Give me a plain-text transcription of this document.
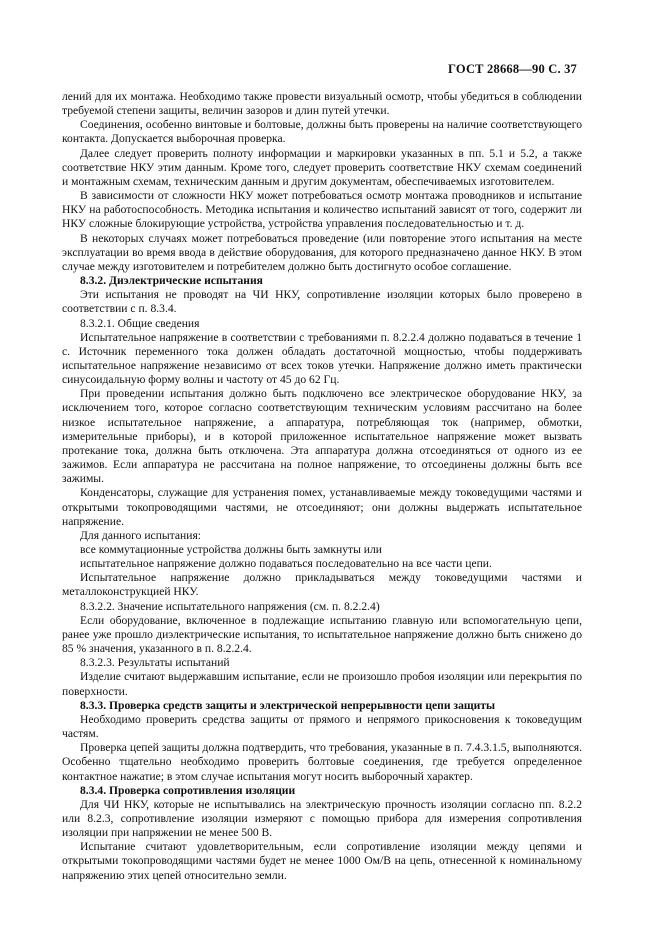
ГОСТ 28668—90 С. 37

лений для их монтажа. Необходимо также провести визуальный осмотр, чтобы убедиться в соблюдении требуемой степени защиты, величин зазоров и длин путей утечки.

Соединения, особенно винтовые и болтовые, должны быть проверены на наличие соответствующего контакта. Допускается выборочная проверка.

Далее следует проверить полноту информации и маркировки указанных в пп. 5.1 и 5.2, а также соответствие НКУ этим данным. Кроме того, следует проверить соответствие НКУ схемам соединений и монтажным схемам, техническим данным и другим документам, обеспечиваемых изготовителем.

В зависимости от сложности НКУ может потребоваться осмотр монтажа проводников и испытание НКУ на работоспособность. Методика испытания и количество испытаний зависят от того, содержит ли НКУ сложные блокирующие устройства, устройства управления последовательностью и т. д.

В некоторых случаях может потребоваться проведение (или повторение этого испытания на месте эксплуатации во время ввода в действие оборудования, для которого предназначено данное НКУ. В этом случае между изготовителем и потребителем должно быть достигнуто особое соглашение.

8.3.2. Диэлектрические испытания

Эти испытания не проводят на ЧИ НКУ, сопротивление изоляции которых было проверено в соответствии с п. 8.3.4.

8.3.2.1. Общие сведения

Испытательное напряжение в соответствии с требованиями п. 8.2.2.4 должно подаваться в течение 1 с. Источник переменного тока должен обладать достаточной мощностью, чтобы поддерживать испытательное напряжение независимо от всех токов утечки. Напряжение должно иметь практически синусоидальную форму волны и частоту от 45 до 62 Гц.

При проведении испытания должно быть подключено все электрическое оборудование НКУ, за исключением того, которое согласно соответствующим техническим условиям рассчитано на более низкое испытательное напряжение, а аппаратура, потребляющая ток (например, обмотки, измерительные приборы), и в которой приложенное испытательное напряжение может вызвать протекание тока, должна быть отключена. Эта аппаратура должна отсоединяться от одного из ее зажимов. Если аппаратура не рассчитана на полное напряжение, то отсоединены должны быть все зажимы.

Конденсаторы, служащие для устранения помех, устанавливаемые между токоведущими частями и открытыми токопроводящими частями, не отсоединяют; они должны выдержать испытательное напряжение.

Для данного испытания:

все коммутационные устройства должны быть замкнуты или

испытательное напряжение должно подаваться последовательно на все части цепи.

Испытательное напряжение должно прикладываться между токоведущими частями и металлоконструкцией НКУ.

8.3.2.2. Значение испытательного напряжения (см. п. 8.2.2.4)

Если оборудование, включенное в подлежащие испытанию главную или вспомогательную цепи, ранее уже прошло диэлектрические испытания, то испытательное напряжение должно быть снижено до 85 % значения, указанного в п. 8.2.2.4.

8.3.2.3. Результаты испытаний

Изделие считают выдержавшим испытание, если не произошло пробоя изоляции или перекрытия по поверхности.

8.3.3. Проверка средств защиты и электрической непрерывности цепи защиты

Необходимо проверить средства защиты от прямого и непрямого прикосновения к токоведущим частям.

Проверка цепей защиты должна подтвердить, что требования, указанные в п. 7.4.3.1.5, выполняются. Особенно тщательно необходимо проверить болтовые соединения, где требуется определенное контактное нажатие; в этом случае испытания могут носить выборочный характер.

8.3.4. Проверка сопротивления изоляции

Для ЧИ НКУ, которые не испытывались на электрическую прочность изоляции согласно пп. 8.2.2 или 8.2.3, сопротивление изоляции измеряют с помощью прибора для измерения сопротивления изоляции при напряжении не менее 500 В.

Испытание считают удовлетворительным, если сопротивление изоляции между цепями и открытыми токопроводящими частями будет не менее 1000 Ом/В на цепь, отнесенной к номинальному напряжению этих цепей относительно земли.
